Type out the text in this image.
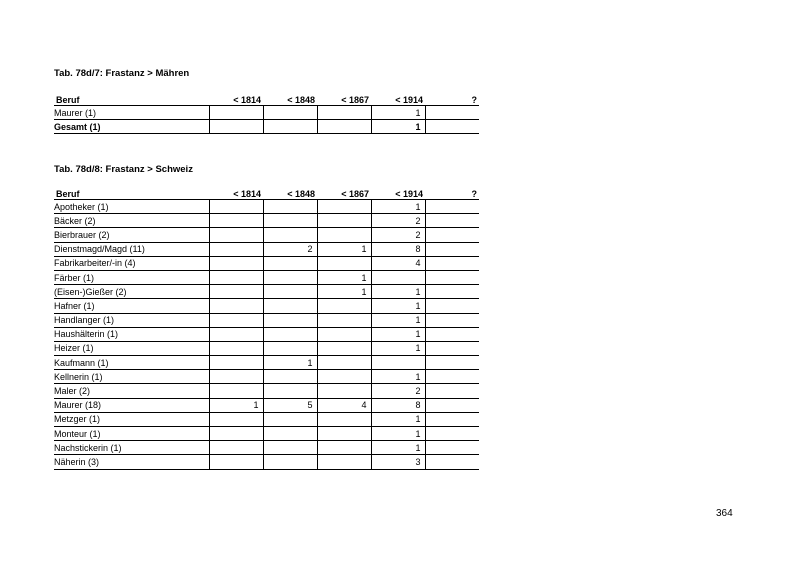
Tab. 78d/7: Frastanz > Mähren
Beruf	< 1814	< 1848	< 1867	< 1914	?
Maurer (1)				1	
Gesamt (1)				1	
Tab. 78d/8: Frastanz > Schweiz
Beruf	< 1814	< 1848	< 1867	< 1914	?
Apotheker (1)				1	
Bäcker (2)				2	
Bierbrauer (2)				2	
Dienstmagd/Magd (11)		2	1	8	
Fabrikarbeiter/-in (4)				4	
Färber (1)			1		
(Eisen-)Gießer (2)			1	1	
Hafner (1)				1	
Handlanger (1)				1	
Haushälterin (1)				1	
Heizer (1)				1	
Kaufmann (1)		1			
Kellnerin (1)				1	
Maler (2)				2	
Maurer (18)	1	5	4	8	
Metzger (1)				1	
Monteur (1)				1	
Nachstickerin (1)				1	
Näherin (3)				3	
364
